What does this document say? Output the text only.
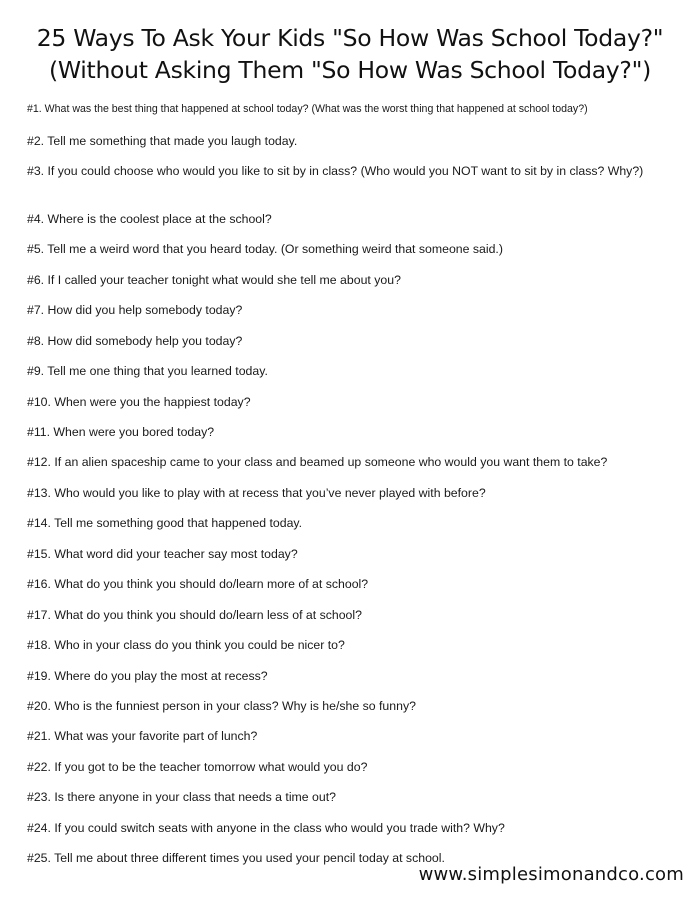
25 Ways To Ask Your Kids "So How Was School Today?"
(Without Asking Them "So How Was School Today?")
#1. What was the best thing that happened at school today? (What was the worst thing that happened at school today?)
#2. Tell me something that made you laugh today.
#3. If you could choose who would you like to sit by in class? (Who would you NOT want to sit by in class? Why?)
#4. Where is the coolest place at the school?
#5. Tell me a weird word that you heard today. (Or something weird that someone said.)
#6. If I called your teacher tonight what would she tell me about you?
#7. How did you help somebody today?
#8. How did somebody help you today?
#9. Tell me one thing that you learned today.
#10. When were you the happiest today?
#11. When were you bored today?
#12. If an alien spaceship came to your class and beamed up someone who would you want them to take?
#13. Who would you like to play with at recess that you’ve never played with before?
#14. Tell me something good that happened today.
#15. What word did your teacher say most today?
#16. What do you think you should do/learn more of at school?
#17. What do you think you should do/learn less of at school?
#18. Who in your class do you think you could be nicer to?
#19. Where do you play the most at recess?
#20. Who is the funniest person in your class? Why is he/she so funny?
#21. What was your favorite part of lunch?
#22. If you got to be the teacher tomorrow what would you do?
#23. Is there anyone in your class that needs a time out?
#24. If you could switch seats with anyone in the class who would you trade with? Why?
#25. Tell me about three different times you used your pencil today at school.
www.simplesimonandco.com
